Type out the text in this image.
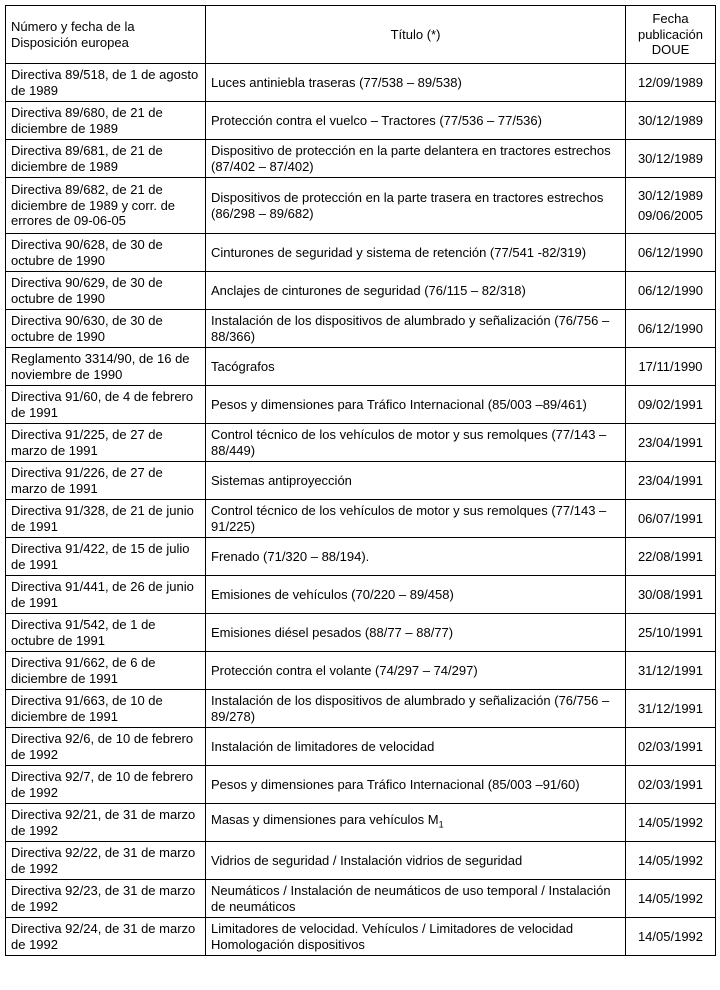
Número y fecha de la Disposición europea	Título (*)	Fecha publicación DOUE
Directiva 89/518, de 1 de agosto de 1989	Luces antiniebla traseras (77/538 – 89/538)	12/09/1989

Directiva 89/680, de 21 de diciembre de 1989	Protección contra el vuelco – Tractores (77/536 – 77/536)	30/12/1989

Directiva 89/681, de 21 de diciembre de 1989	Dispositivo de protección en la parte delantera en tractores estrechos (87/402 – 87/402)	30/12/1989

Directiva 89/682, de 21 de diciembre de 1989 y corr. de errores de 09-06-05	Dispositivos de protección en la parte trasera en tractores estrechos (86/298 – 89/682)	30/12/1989
09/06/2005

Directiva 90/628, de 30 de octubre de 1990	Cinturones de seguridad y sistema de retención (77/541 -82/319)	06/12/1990

Directiva 90/629, de 30 de octubre de 1990	Anclajes de cinturones de seguridad (76/115 – 82/318)	06/12/1990

Directiva 90/630, de 30 de octubre de 1990	Instalación de los dispositivos de alumbrado y señalización (76/756 – 88/366)	06/12/1990

Reglamento 3314/90, de 16 de noviembre de 1990	Tacógrafos	17/11/1990

Directiva 91/60, de 4 de febrero de 1991	Pesos y dimensiones para Tráfico Internacional (85/003 –89/461)	09/02/1991

Directiva 91/225, de 27 de marzo de 1991	Control técnico de los vehículos de motor y sus remolques (77/143 – 88/449)	23/04/1991

Directiva 91/226, de 27 de marzo de 1991	Sistemas antiproyección	23/04/1991

Directiva 91/328, de 21 de junio de 1991	Control técnico de los vehículos de motor y sus remolques (77/143 – 91/225)	06/07/1991

Directiva 91/422, de 15 de julio de 1991	Frenado (71/320 – 88/194).	22/08/1991

Directiva 91/441, de 26 de junio de 1991	Emisiones de vehículos (70/220 – 89/458)	30/08/1991

Directiva 91/542, de 1 de octubre de 1991	Emisiones diésel pesados (88/77 – 88/77)	25/10/1991

Directiva 91/662, de 6 de diciembre de 1991	Protección contra el volante (74/297 – 74/297)	31/12/1991

Directiva 91/663, de 10 de diciembre de 1991	Instalación de los dispositivos de alumbrado y señalización (76/756 – 89/278)	31/12/1991

Directiva 92/6, de 10 de febrero de 1992	Instalación de limitadores de velocidad	02/03/1991

Directiva 92/7, de 10 de febrero de 1992	Pesos y dimensiones para Tráfico Internacional (85/003 –91/60)	02/03/1991

Directiva 92/21, de 31 de marzo de 1992	Masas y dimensiones para vehículos $M_1$	14/05/1992

Directiva 92/22, de 31 de marzo de 1992	Vidrios de seguridad / Instalación vidrios de seguridad	14/05/1992

Directiva 92/23, de 31 de marzo de 1992	Neumáticos / Instalación de neumáticos de uso temporal / Instalación de neumáticos	14/05/1992

Directiva 92/24, de 31 de marzo de 1992	Limitadores de velocidad. Vehículos / Limitadores de velocidad Homologación dispositivos	14/05/1992
